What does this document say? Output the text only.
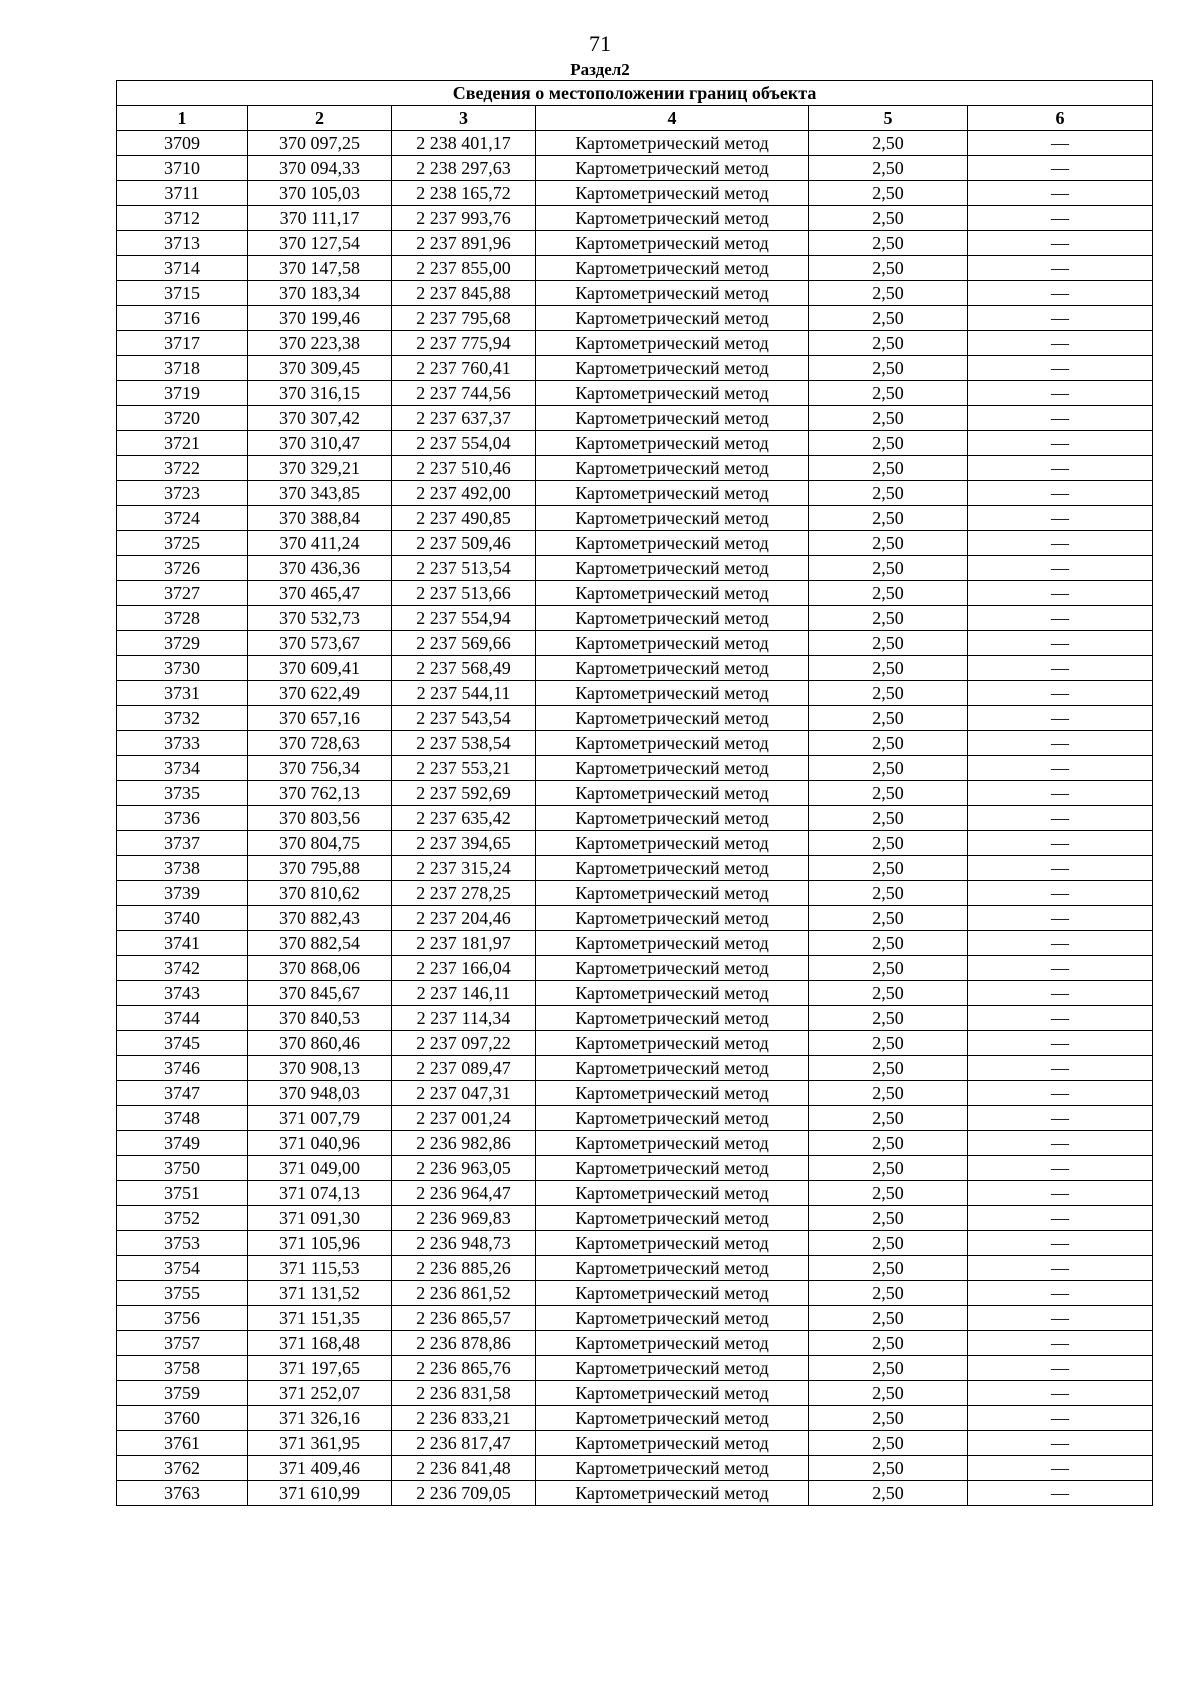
71
Раздел2
Сведения о местоположении границ объекта					
1	2	3	4	5	6
3709	370 097,25	2 238 401,17	Картометрический метод	2,50	—
3710	370 094,33	2 238 297,63	Картометрический метод	2,50	—
3711	370 105,03	2 238 165,72	Картометрический метод	2,50	—
3712	370 111,17	2 237 993,76	Картометрический метод	2,50	—
3713	370 127,54	2 237 891,96	Картометрический метод	2,50	—
3714	370 147,58	2 237 855,00	Картометрический метод	2,50	—
3715	370 183,34	2 237 845,88	Картометрический метод	2,50	—
3716	370 199,46	2 237 795,68	Картометрический метод	2,50	—
3717	370 223,38	2 237 775,94	Картометрический метод	2,50	—
3718	370 309,45	2 237 760,41	Картометрический метод	2,50	—
3719	370 316,15	2 237 744,56	Картометрический метод	2,50	—
3720	370 307,42	2 237 637,37	Картометрический метод	2,50	—
3721	370 310,47	2 237 554,04	Картометрический метод	2,50	—
3722	370 329,21	2 237 510,46	Картометрический метод	2,50	—
3723	370 343,85	2 237 492,00	Картометрический метод	2,50	—
3724	370 388,84	2 237 490,85	Картометрический метод	2,50	—
3725	370 411,24	2 237 509,46	Картометрический метод	2,50	—
3726	370 436,36	2 237 513,54	Картометрический метод	2,50	—
3727	370 465,47	2 237 513,66	Картометрический метод	2,50	—
3728	370 532,73	2 237 554,94	Картометрический метод	2,50	—
3729	370 573,67	2 237 569,66	Картометрический метод	2,50	—
3730	370 609,41	2 237 568,49	Картометрический метод	2,50	—
3731	370 622,49	2 237 544,11	Картометрический метод	2,50	—
3732	370 657,16	2 237 543,54	Картометрический метод	2,50	—
3733	370 728,63	2 237 538,54	Картометрический метод	2,50	—
3734	370 756,34	2 237 553,21	Картометрический метод	2,50	—
3735	370 762,13	2 237 592,69	Картометрический метод	2,50	—
3736	370 803,56	2 237 635,42	Картометрический метод	2,50	—
3737	370 804,75	2 237 394,65	Картометрический метод	2,50	—
3738	370 795,88	2 237 315,24	Картометрический метод	2,50	—
3739	370 810,62	2 237 278,25	Картометрический метод	2,50	—
3740	370 882,43	2 237 204,46	Картометрический метод	2,50	—
3741	370 882,54	2 237 181,97	Картометрический метод	2,50	—
3742	370 868,06	2 237 166,04	Картометрический метод	2,50	—
3743	370 845,67	2 237 146,11	Картометрический метод	2,50	—
3744	370 840,53	2 237 114,34	Картометрический метод	2,50	—
3745	370 860,46	2 237 097,22	Картометрический метод	2,50	—
3746	370 908,13	2 237 089,47	Картометрический метод	2,50	—
3747	370 948,03	2 237 047,31	Картометрический метод	2,50	—
3748	371 007,79	2 237 001,24	Картометрический метод	2,50	—
3749	371 040,96	2 236 982,86	Картометрический метод	2,50	—
3750	371 049,00	2 236 963,05	Картометрический метод	2,50	—
3751	371 074,13	2 236 964,47	Картометрический метод	2,50	—
3752	371 091,30	2 236 969,83	Картометрический метод	2,50	—
3753	371 105,96	2 236 948,73	Картометрический метод	2,50	—
3754	371 115,53	2 236 885,26	Картометрический метод	2,50	—
3755	371 131,52	2 236 861,52	Картометрический метод	2,50	—
3756	371 151,35	2 236 865,57	Картометрический метод	2,50	—
3757	371 168,48	2 236 878,86	Картометрический метод	2,50	—
3758	371 197,65	2 236 865,76	Картометрический метод	2,50	—
3759	371 252,07	2 236 831,58	Картометрический метод	2,50	—
3760	371 326,16	2 236 833,21	Картометрический метод	2,50	—
3761	371 361,95	2 236 817,47	Картометрический метод	2,50	—
3762	371 409,46	2 236 841,48	Картометрический метод	2,50	—
3763	371 610,99	2 236 709,05	Картометрический метод	2,50	—
